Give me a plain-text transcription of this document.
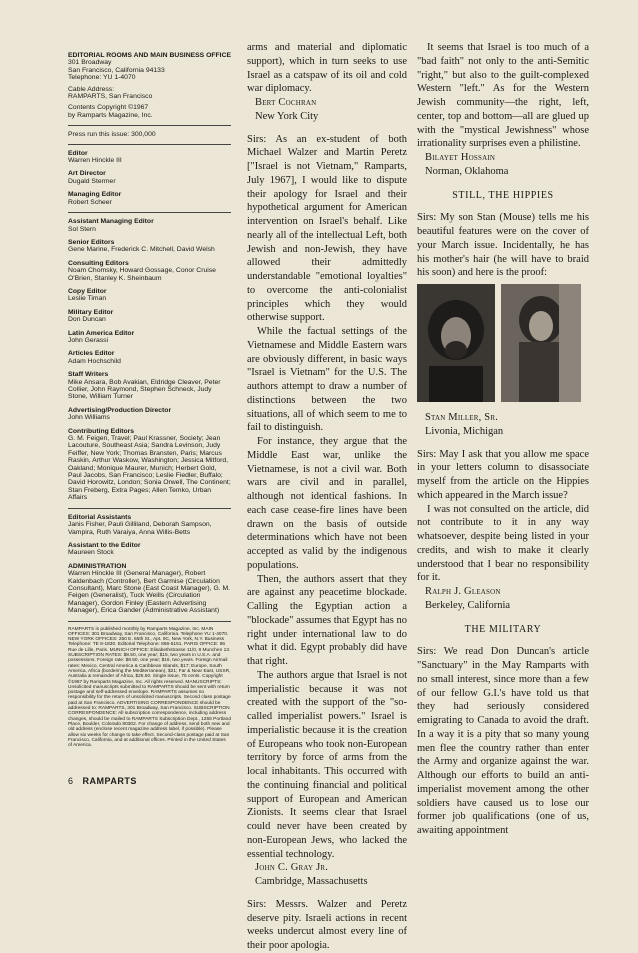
EDITORIAL ROOMS AND MAIN BUSINESS OFFICE

301 Broadway

San Francisco, California 94133

Telephone: YU 1-4070

Cable Address:

RAMPARTS, San Francisco

Contents Copyright ©1967

by Ramparts Magazine, Inc.

Press run this issue: 300,000

Editor

Warren Hinckle III

Art Director

Dugald Stermer

Managing Editor

Robert Scheer

Assistant Managing Editor

Sol Stern

Senior Editors

Gene Marine, Frederick C. Mitchell, David Welsh

Consulting Editors

Noam Chomsky, Howard Gossage, Conor Cruise O'Brien, Stanley K. Sheinbaum

Copy Editor

Leslie Timan

Military Editor

Don Duncan

Latin America Editor

John Gerassi

Articles Editor

Adam Hochschild

Staff Writers

Mike Ansara, Bob Avakian, Eldridge Cleaver, Peter Collier, John Raymond, Stephen Schneck, Judy Stone, William Turner

Advertising/Production Director

John Williams

Contributing Editors

G. M. Feigen, Travel; Paul Krassner, Society; Jean Lacouture, Southeast Asia; Sandra Levinson, Judy Feiffer, New York; Thomas Bransten, Paris; Marcus Raskin, Arthur Waskow, Washington; Jessica Mitford, Oakland; Monique Maurer, Munich; Herbert Gold, Paul Jacobs, San Francisco; Leslie Fiedler, Buffalo; David Horowitz, London; Sonia Orwell, The Continent; Stan Freberg, Extra Pages; Allen Temko, Urban Affairs

Editorial Assistants

Janis Fisher, Pauli Gilliland, Deborah Sampson, Vampira, Ruth Varaiya, Anna Willis-Betts

Assistant to the Editor

Maureen Stock

ADMINISTRATION

Warren Hinckle III (General Manager), Robert Kaldenbach (Controller), Bert Garmise (Circulation Consultant), Marc Stone (East Coast Manager), G. M. Feigen (Generalist), Tuck Weills (Circulation Manager), Gordon Finley (Eastern Advertising Manager), Erica Gander (Administrative Assistant)

RAMPARTS is published monthly by Ramparts Magazine, Inc. MAIN OFFICES: 301 Broadway, San Francisco, California. Telephone YU 1-4070. NEW YORK OFFICES: 250 E. 65th St., Apt. 9C, New York, N.Y. Business Telephone: TE 8-1830. Editorial Telephone: 866-5151. PARIS OFFICE: 86 Rue de Lille, Paris. MUNICH OFFICE: Elisabethstrasse 11/0, 8 Munchen 13. SUBSCRIPTION RATES: $8.50, one year; $15, two years in U.S.A. and possessions. Foreign rate: $9.50, one year; $16, two years. Foreign Airmail rates: Mexico, Central America & Caribbean Islands, $17; Europe, South America, Africa (bordering the Mediterranean), $21; Far & Near East, USSR, Australia & remainder of Africa, $26.50. Single issue, 75 cents. Copyright ©1967 by Ramparts Magazine, Inc. All rights reserved. MANUSCRIPTS: Unsolicited manuscripts submitted to RAMPARTS should be sent with return postage and self-addressed envelope. RAMPARTS assumes no responsibility for the return of unsolicited manuscripts. Second class postage paid at San Francisco. ADVERTISING CORRESPONDENCE should be addressed to: RAMPARTS, 301 Broadway, San Francisco. SUBSCRIPTION CORRESPONDENCE: All subscription correspondence, including address changes, should be mailed to RAMPARTS Subscription Dept., 1255 Portland Place, Boulder, Colorado 80302. For change of address, send both new and old address (enclose recent magazine address label, if possible). Please allow six weeks for change to take effect. Second-class postage paid at San Francisco, California, and at additional offices. Printed in the United States of America.

arms and material and diplomatic support), which in turn seeks to use Israel as a catspaw of its oil and cold war diplomacy.

Bert Cochran

New York City

Sirs: As an ex-student of both Michael Walzer and Martin Peretz ["Israel is not Vietnam," Ramparts, July 1967], I would like to dispute their apology for Israel and their hypothetical argument for American intervention on Israel's behalf. Like nearly all of the intellectual Left, both Jewish and non-Jewish, they have allowed their admittedly understandable "emotional loyalties" to overcome the anti-colonialist principles which they would otherwise support.

While the factual settings of the Vietnamese and Middle Eastern wars are obviously different, in basic ways "Israel is Vietnam" for the U.S. The authors attempt to draw a number of distinctions between the two situations, all of which seem to me to fail to distinguish.

For instance, they argue that the Middle East war, unlike the Vietnamese, is not a civil war. Both wars are civil and in parallel, although not identical fashions. In each case cease-fire lines have been drawn on the basis of outside determinations which have not been accepted as valid by the indigenous populations.

Then, the authors assert that they are against any peacetime blockade. Calling the Egyptian action a "blockade" assumes that Egypt has no right under international law to do what it did. Egypt probably did have that right.

The authors argue that Israel is not imperialistic because it was not created with the support of the "so-called imperialist powers." Israel is imperialistic because it is the creation of Europeans who took non-European territory by force of arms from the local inhabitants. This occurred with the continuing financial and political support of European and American Zionists. It seems clear that Israel could never have been created by non-European Jews, who lacked the essential technology.

John C. Gray Jr.

Cambridge, Massachusetts

Sirs: Messrs. Walzer and Peretz deserve pity. Israeli actions in recent weeks undercut almost every line of their poor apologia.

It seems that Israel is too much of a "bad faith" not only to the anti-Semitic "right," but also to the guilt-complexed Western "left." As for the Western Jewish community—the right, left, center, top and bottom—all are glued up with the "mystical Jewishness" whose irrationality surprises even a philistine.

Bilayet Hossain

Norman, Oklahoma

STILL, THE HIPPIES

Sirs: My son Stan (Mouse) tells me his beautiful features were on the cover of your March issue. Incidentally, he has his mother's hair (he will have to braid his soon) and here is the proof:

Stan Miller, Sr.

Livonia, Michigan

Sirs: May I ask that you allow me space in your letters column to disassociate myself from the article on the Hippies which appeared in the March issue?

I was not consulted on the article, did not contribute to it in any way whatsoever, despite being listed in your credits, and wish to make it clearly understood that I bear no responsibility for it.

Ralph J. Gleason

Berkeley, California

THE MILITARY

Sirs: We read Don Duncan's article "Sanctuary" in the May Ramparts with no small interest, since more than a few of our fellow G.I.'s have told us that they had seriously considered emigrating to Canada to avoid the draft. In a way it is a pity that so many young men flee the country rather than enter the Army and organize against the war. Although our efforts to build an anti-imperialist movement among the other soldiers have caused us to lose our former job qualifications (one of us, awaiting appointment

6 RAMPARTS
